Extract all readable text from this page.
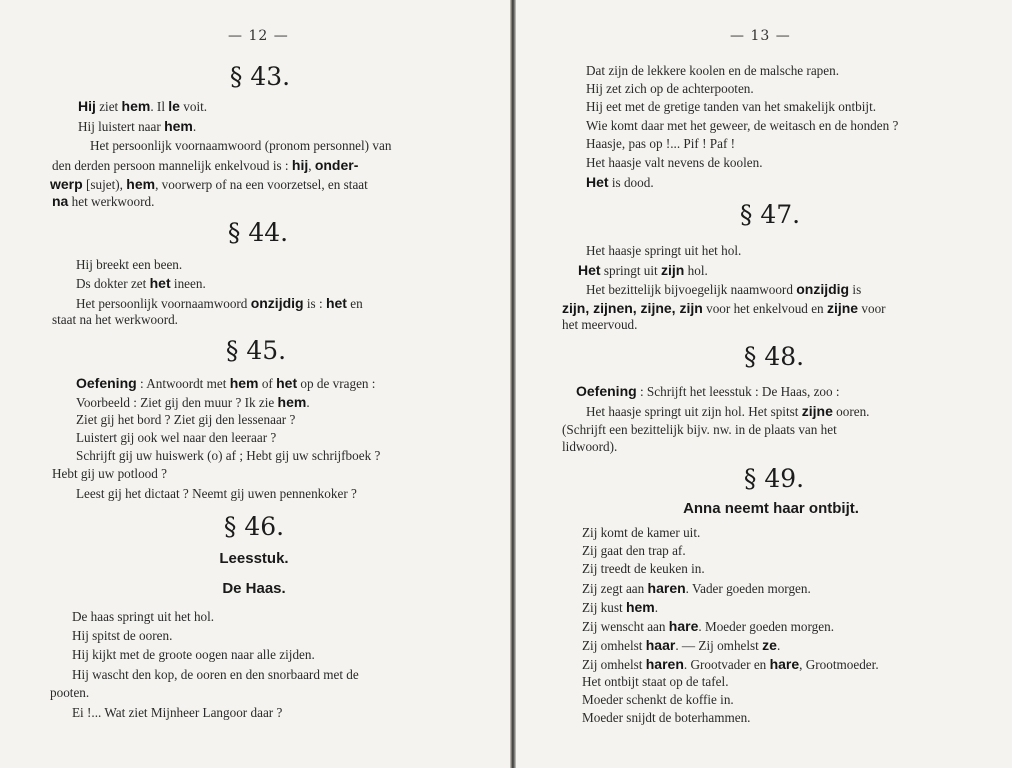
— 12 —
§ 43.
Hij ziet hem. Il le voit.
Hij luistert naar hem.
Het persoonlijk voornaamwoord (pronom personnel) van
den derden persoon mannelijk enkelvoud is : hij, onder-
werp [sujet), hem, voorwerp of na een voorzetsel, en staat
na het werkwoord.
§ 44.
Hij breekt een been.
Ds dokter zet het ineen.
Het persoonlijk voornaamwoord onzijdig is : het en
staat na het werkwoord.
§ 45.
Oefening : Antwoordt met hem of het op de vragen :
Voorbeeld : Ziet gij den muur ? Ik zie hem.
Ziet gij het bord ? Ziet gij den lessenaar ?
Luistert gij ook wel naar den leeraar ?
Schrijft gij uw huiswerk (o) af ; Hebt gij uw schrijfboek ?
Hebt gij uw potlood ?
Leest gij het dictaat ? Neemt gij uwen pennenkoker ?
§ 46.
Leesstuk.
De Haas.
De haas springt uit het hol.
Hij spitst de ooren.
Hij kijkt met de groote oogen naar alle zijden.
Hij wascht den kop, de ooren en den snorbaard met de
pooten.
Ei !... Wat ziet Mijnheer Langoor daar ?
— 13 —
Dat zijn de lekkere koolen en de malsche rapen.
Hij zet zich op de achterpooten.
Hij eet met de gretige tanden van het smakelijk ontbijt.
Wie komt daar met het geweer, de weitasch en de honden ?
Haasje, pas op !... Pif ! Paf !
Het haasje valt nevens de koolen.
Het is dood.
§ 47.
Het haasje springt uit het hol.
Het springt uit zijn hol.
Het bezittelijk bijvoegelijk naamwoord onzijdig is
zijn, zijnen, zijne, zijn voor het enkelvoud en zijne voor
het meervoud.
§ 48.
Oefening : Schrijft het leesstuk : De Haas, zoo :
Het haasje springt uit zijn hol. Het spitst zijne ooren.
(Schrijft een bezittelijk bijv. nw. in de plaats van het
lidwoord).
§ 49.
Anna neemt haar ontbijt.
Zij komt de kamer uit.
Zij gaat den trap af.
Zij treedt de keuken in.
Zij zegt aan haren. Vader goeden morgen.
Zij kust hem.
Zij wenscht aan hare. Moeder goeden morgen.
Zij omhelst haar. — Zij omhelst ze.
Zij omhelst haren. Grootvader en hare, Grootmoeder.
Het ontbijt staat op de tafel.
Moeder schenkt de koffie in.
Moeder snijdt de boterhammen.
